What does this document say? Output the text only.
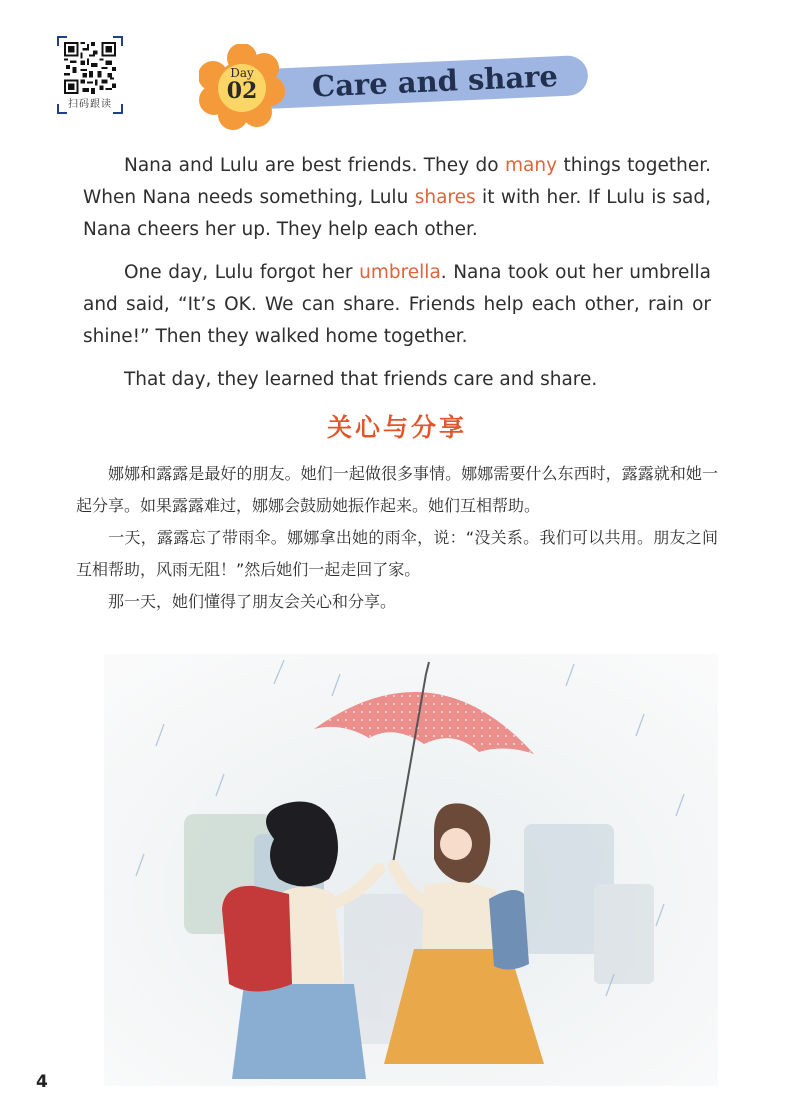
扫码跟读
Day
02 Care and share

Nana and Lulu are best friends. They do many things together. When Nana needs something, Lulu shares it with her. If Lulu is sad, Nana cheers her up. They help each other.

One day, Lulu forgot her umbrella. Nana took out her umbrella and said, “It’s OK. We can share. Friends help each other, rain or shine!” Then they walked home together.

That day, they learned that friends care and share.

关心与分享

娜娜和露露是最好的朋友。她们一起做很多事情。娜娜需要什么东西时，露露就和她一起分享。如果露露难过，娜娜会鼓励她振作起来。她们互相帮助。

一天，露露忘了带雨伞。娜娜拿出她的雨伞，说：“没关系。我们可以共用。朋友之间互相帮助，风雨无阻！”然后她们一起走回了家。

那一天，她们懂得了朋友会关心和分享。

4
